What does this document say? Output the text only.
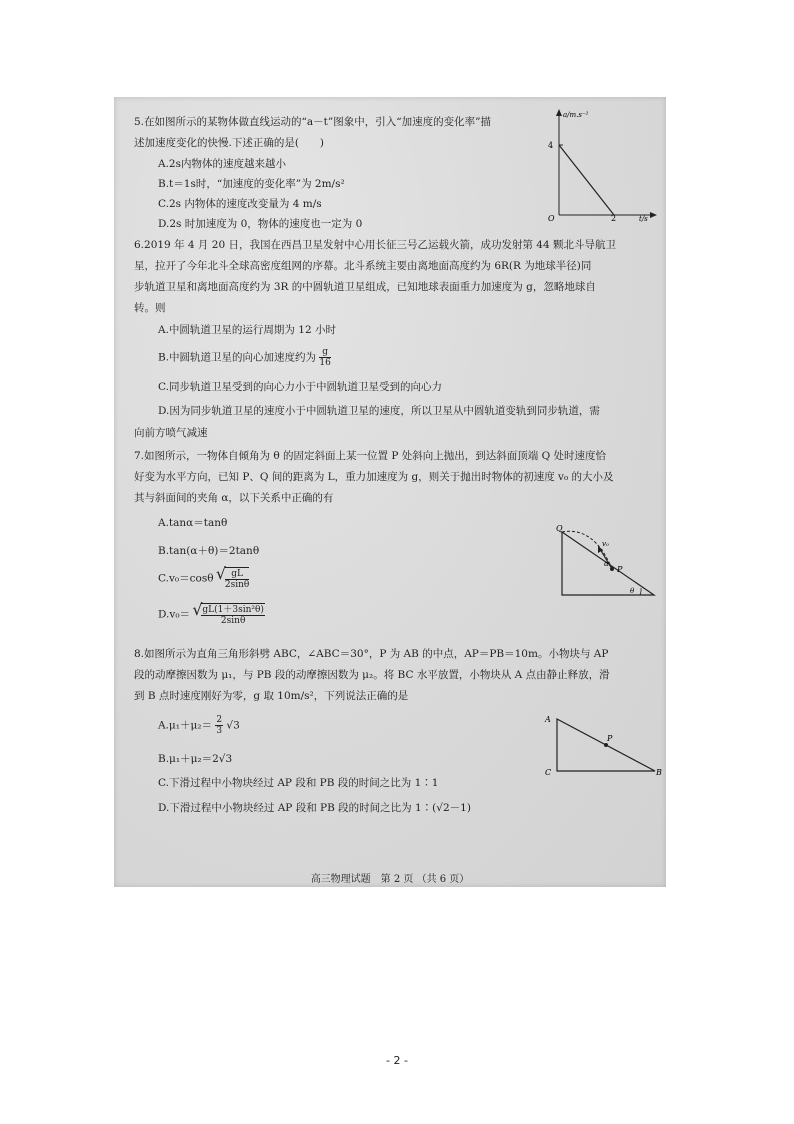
5.在如图所示的某物体做直线运动的“a－t”图象中，引入“加速度的变化率”描
述加速度变化的快慢.下述正确的是(　　)
A.2s内物体的速度越来越小
B.t＝1s时，“加速度的变化率”为 2m/s²
C.2s 内物体的速度改变量为 4 m/s
D.2s 时加速度为 0，物体的速度也一定为 0
a/m.s⁻²
4
O	2	t/s
6.2019 年 4 月 20 日，我国在西昌卫星发射中心用长征三号乙运载火箭，成功发射第 44 颗北斗导航卫
星，拉开了今年北斗全球高密度组网的序幕。北斗系统主要由离地面高度约为 6R(R 为地球半径)同
步轨道卫星和离地面高度约为 3R 的中圆轨道卫星组成，已知地球表面重力加速度为 g，忽略地球自
转。则
A.中圆轨道卫星的运行周期为 12 小时
B.中圆轨道卫星的向心加速度约为 $\frac{g}{16}$
C.同步轨道卫星受到的向心力小于中圆轨道卫星受到的向心力
D.因为同步轨道卫星的速度小于中圆轨道卫星的速度，所以卫星从中圆轨道变轨到同步轨道，需
向前方喷气减速
7.如图所示，一物体自倾角为 θ 的固定斜面上某一位置 P 处斜向上抛出，到达斜面顶端 Q 处时速度恰
好变为水平方向，已知 P、Q 间的距离为 L，重力加速度为 g，则关于抛出时物体的初速度 v₀ 的大小及
其与斜面间的夹角 α，以下关系中正确的有
A.tanα＝tanθ
B.tan(α＋θ)＝2tanθ
C.v₀＝cosθ √ $\frac{gL}{2\sin\theta}$
D.v₀＝ √ $\frac{\text{gL(1＋3sin²θ)}}{2\sin\theta}$
Q
P
v₀
α
θ
8.如图所示为直角三角形斜劈 ABC，∠ABC＝30°，P 为 AB 的中点，AP＝PB＝10m。小物块与 AP
段的动摩擦因数为 μ₁，与 PB 段的动摩擦因数为 μ₂。将 BC 水平放置，小物块从 A 点由静止释放，滑
到 B 点时速度刚好为零，g 取 10m/s²，下列说法正确的是
$A.\mu_1+\mu_2= \frac{2}{3} √3$
B.μ₁＋μ₂＝2√3
C.下滑过程中小物块经过 AP 段和 PB 段的时间之比为 1∶1
D.下滑过程中小物块经过 AP 段和 PB 段的时间之比为 1∶(√2－1)
A
C	B
P
高三物理试题　第 2 页 （共 6 页）
- 2 -
